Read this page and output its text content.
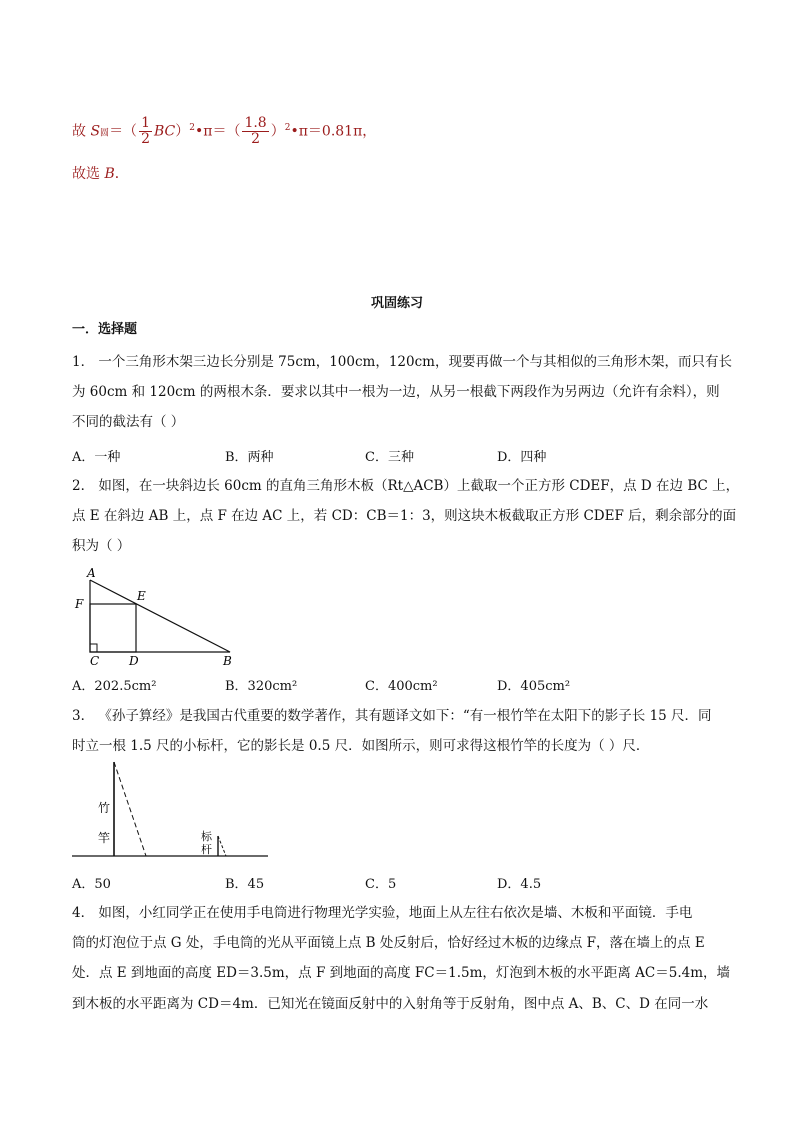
故 S圆＝（ $\frac{1}{2}$ BC）$^2$•π＝（ $\frac{1.8}{2}$ ）$^2$•π＝0.81π，
故选 B．
巩固练习
一．选择题
1． 一个三角形木架三边长分别是 75cm，100cm，120cm，现要再做一个与其相似的三角形木架，而只有长
为 60cm 和 120cm 的两根木条．要求以其中一根为一边，从另一根截下两段作为另两边（允许有余料），则
不同的截法有（ ）
A．一种	B．两种	C．三种	D．四种
2． 如图，在一块斜边长 60cm 的直角三角形木板（Rt△ACB）上截取一个正方形 CDEF，点 D 在边 BC 上，
点 E 在斜边 AB 上，点 F 在边 AC 上，若 CD：CB＝1：3，则这块木板截取正方形 CDEF 后，剩余部分的面
积为（ ）
A
F
E
C D	B
A．202.5cm²	B．320cm²	C．400cm²	D．405cm²
3． 《孙子算经》是我国古代重要的数学著作，其有题译文如下：“有一根竹竿在太阳下的影子长 15 尺．同
时立一根 1.5 尺的小标杆，它的影长是 0.5 尺．如图所示，则可求得这根竹竿的长度为（ ）尺．
竹
竿	标
杆
A．50	B．45	C．5	D．4.5
4． 如图，小红同学正在使用手电筒进行物理光学实验，地面上从左往右依次是墙、木板和平面镜．手电
筒的灯泡位于点 G 处，手电筒的光从平面镜上点 B 处反射后，恰好经过木板的边缘点 F，落在墙上的点 E
处．点 E 到地面的高度 ED＝3.5m，点 F 到地面的高度 FC＝1.5m，灯泡到木板的水平距离 AC＝5.4m，墙
到木板的水平距离为 CD＝4m．已知光在镜面反射中的入射角等于反射角，图中点 A、B、C、D 在同一水
